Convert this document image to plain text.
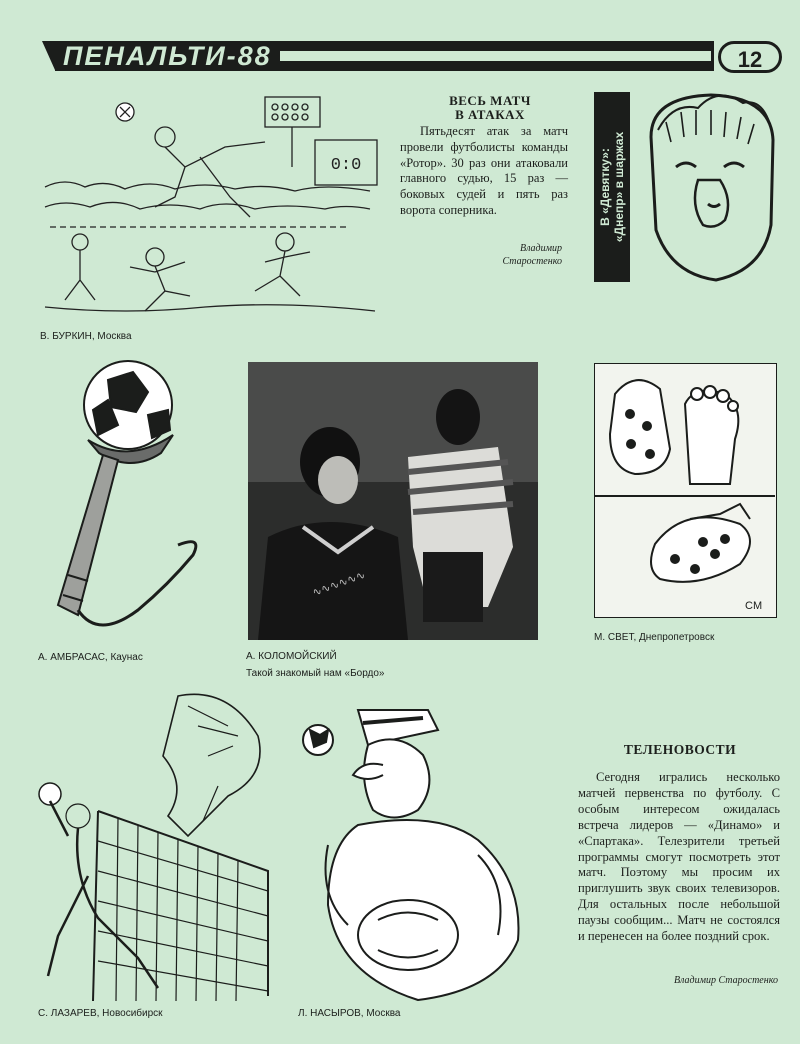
ПЕНАЛЬТИ-88	12
0:0
В. БУРКИН, Москва
ВЕСЬ МАТЧ
В АТАКАХ
Пятьдесят атак за матч провели футболисты команды «Ротор». 30 раз они атаковали главного судью, 15 раз — боковых судей и пять раз ворота соперника.
Владимир
Старостенко
В «Девятку»: «Днепр» в шаржах
А. АМБРАСАС, Каунас
∿∿∿∿∿∿
А. КОЛОМОЙСКИЙ
Такой знакомый нам «Бордо»
CM
М. СВЕТ, Днепропетровск
С. ЛАЗАРЕВ, Новосибирск	Л. НАСЫРОВ, Москва
ТЕЛЕНОВОСТИ
Сегодня игрались несколько матчей первенства по футболу. С особым интересом ожидалась встреча лидеров — «Динамо» и «Спартака». Телезрители третьей программы смогут посмотреть этот матч. Поэтому мы просим их приглушить звук своих телевизоров. Для остальных после небольшой паузы сообщим... Матч не состоялся и перенесен на более поздний срок.
Владимир Старостенко
